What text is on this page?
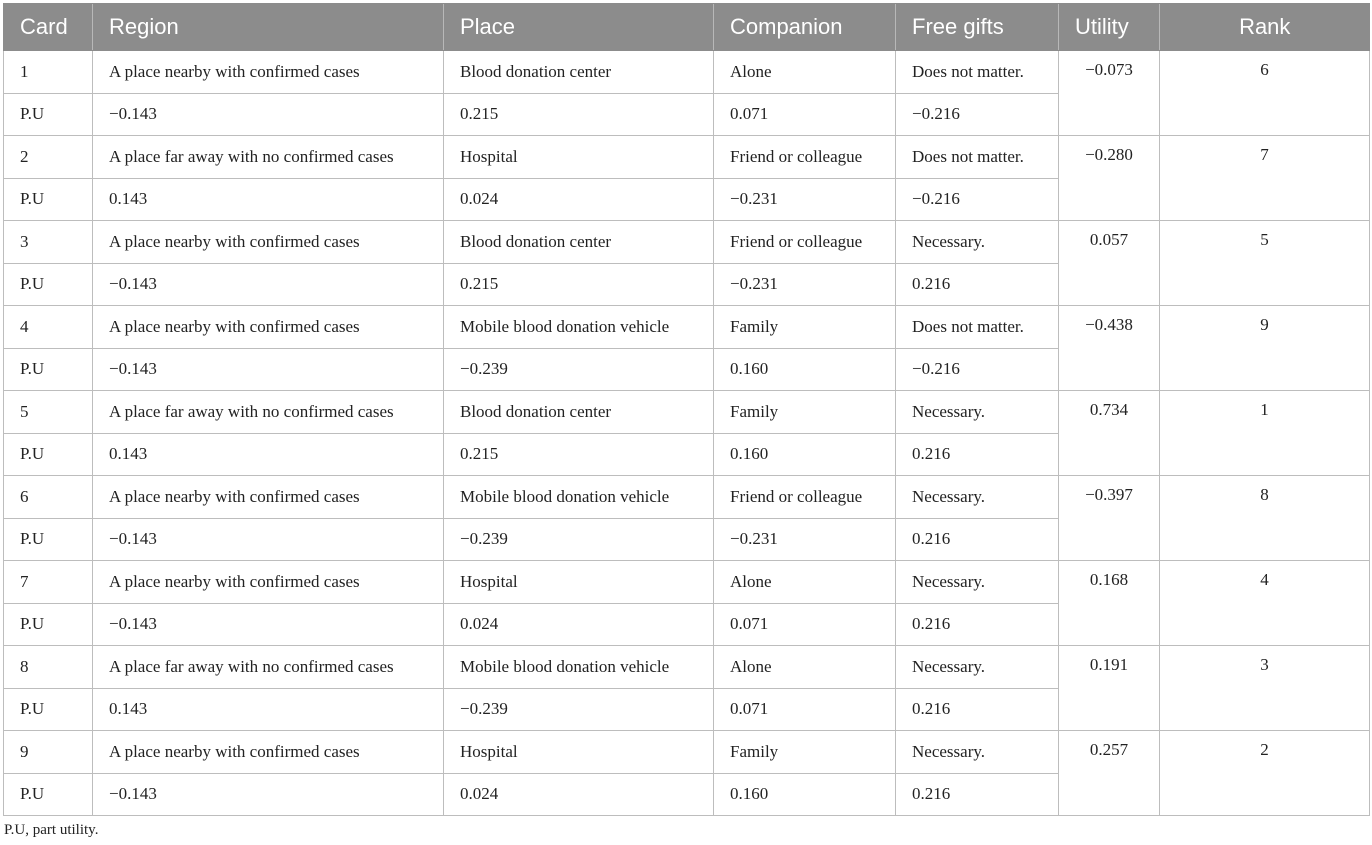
Card	Region	Place	Companion	Free gifts	Utility	Rank
1	A place nearby with confirmed cases	Blood donation center	Alone	Does not matter.	−0.073	6
P.U	−0.143	0.215	0.071	−0.216		
2	A place far away with no confirmed cases	Hospital	Friend or colleague	Does not matter.	−0.280	7
P.U	0.143	0.024	−0.231	−0.216		
3	A place nearby with confirmed cases	Blood donation center	Friend or colleague	Necessary.	0.057	5
P.U	−0.143	0.215	−0.231	0.216		
4	A place nearby with confirmed cases	Mobile blood donation vehicle	Family	Does not matter.	−0.438	9
P.U	−0.143	−0.239	0.160	−0.216		
5	A place far away with no confirmed cases	Blood donation center	Family	Necessary.	0.734	1
P.U	0.143	0.215	0.160	0.216		
6	A place nearby with confirmed cases	Mobile blood donation vehicle	Friend or colleague	Necessary.	−0.397	8
P.U	−0.143	−0.239	−0.231	0.216		
7	A place nearby with confirmed cases	Hospital	Alone	Necessary.	0.168	4
P.U	−0.143	0.024	0.071	0.216		
8	A place far away with no confirmed cases	Mobile blood donation vehicle	Alone	Necessary.	0.191	3
P.U	0.143	−0.239	0.071	0.216		
9	A place nearby with confirmed cases	Hospital	Family	Necessary.	0.257	2
P.U	−0.143	0.024	0.160	0.216		
P.U, part utility.
